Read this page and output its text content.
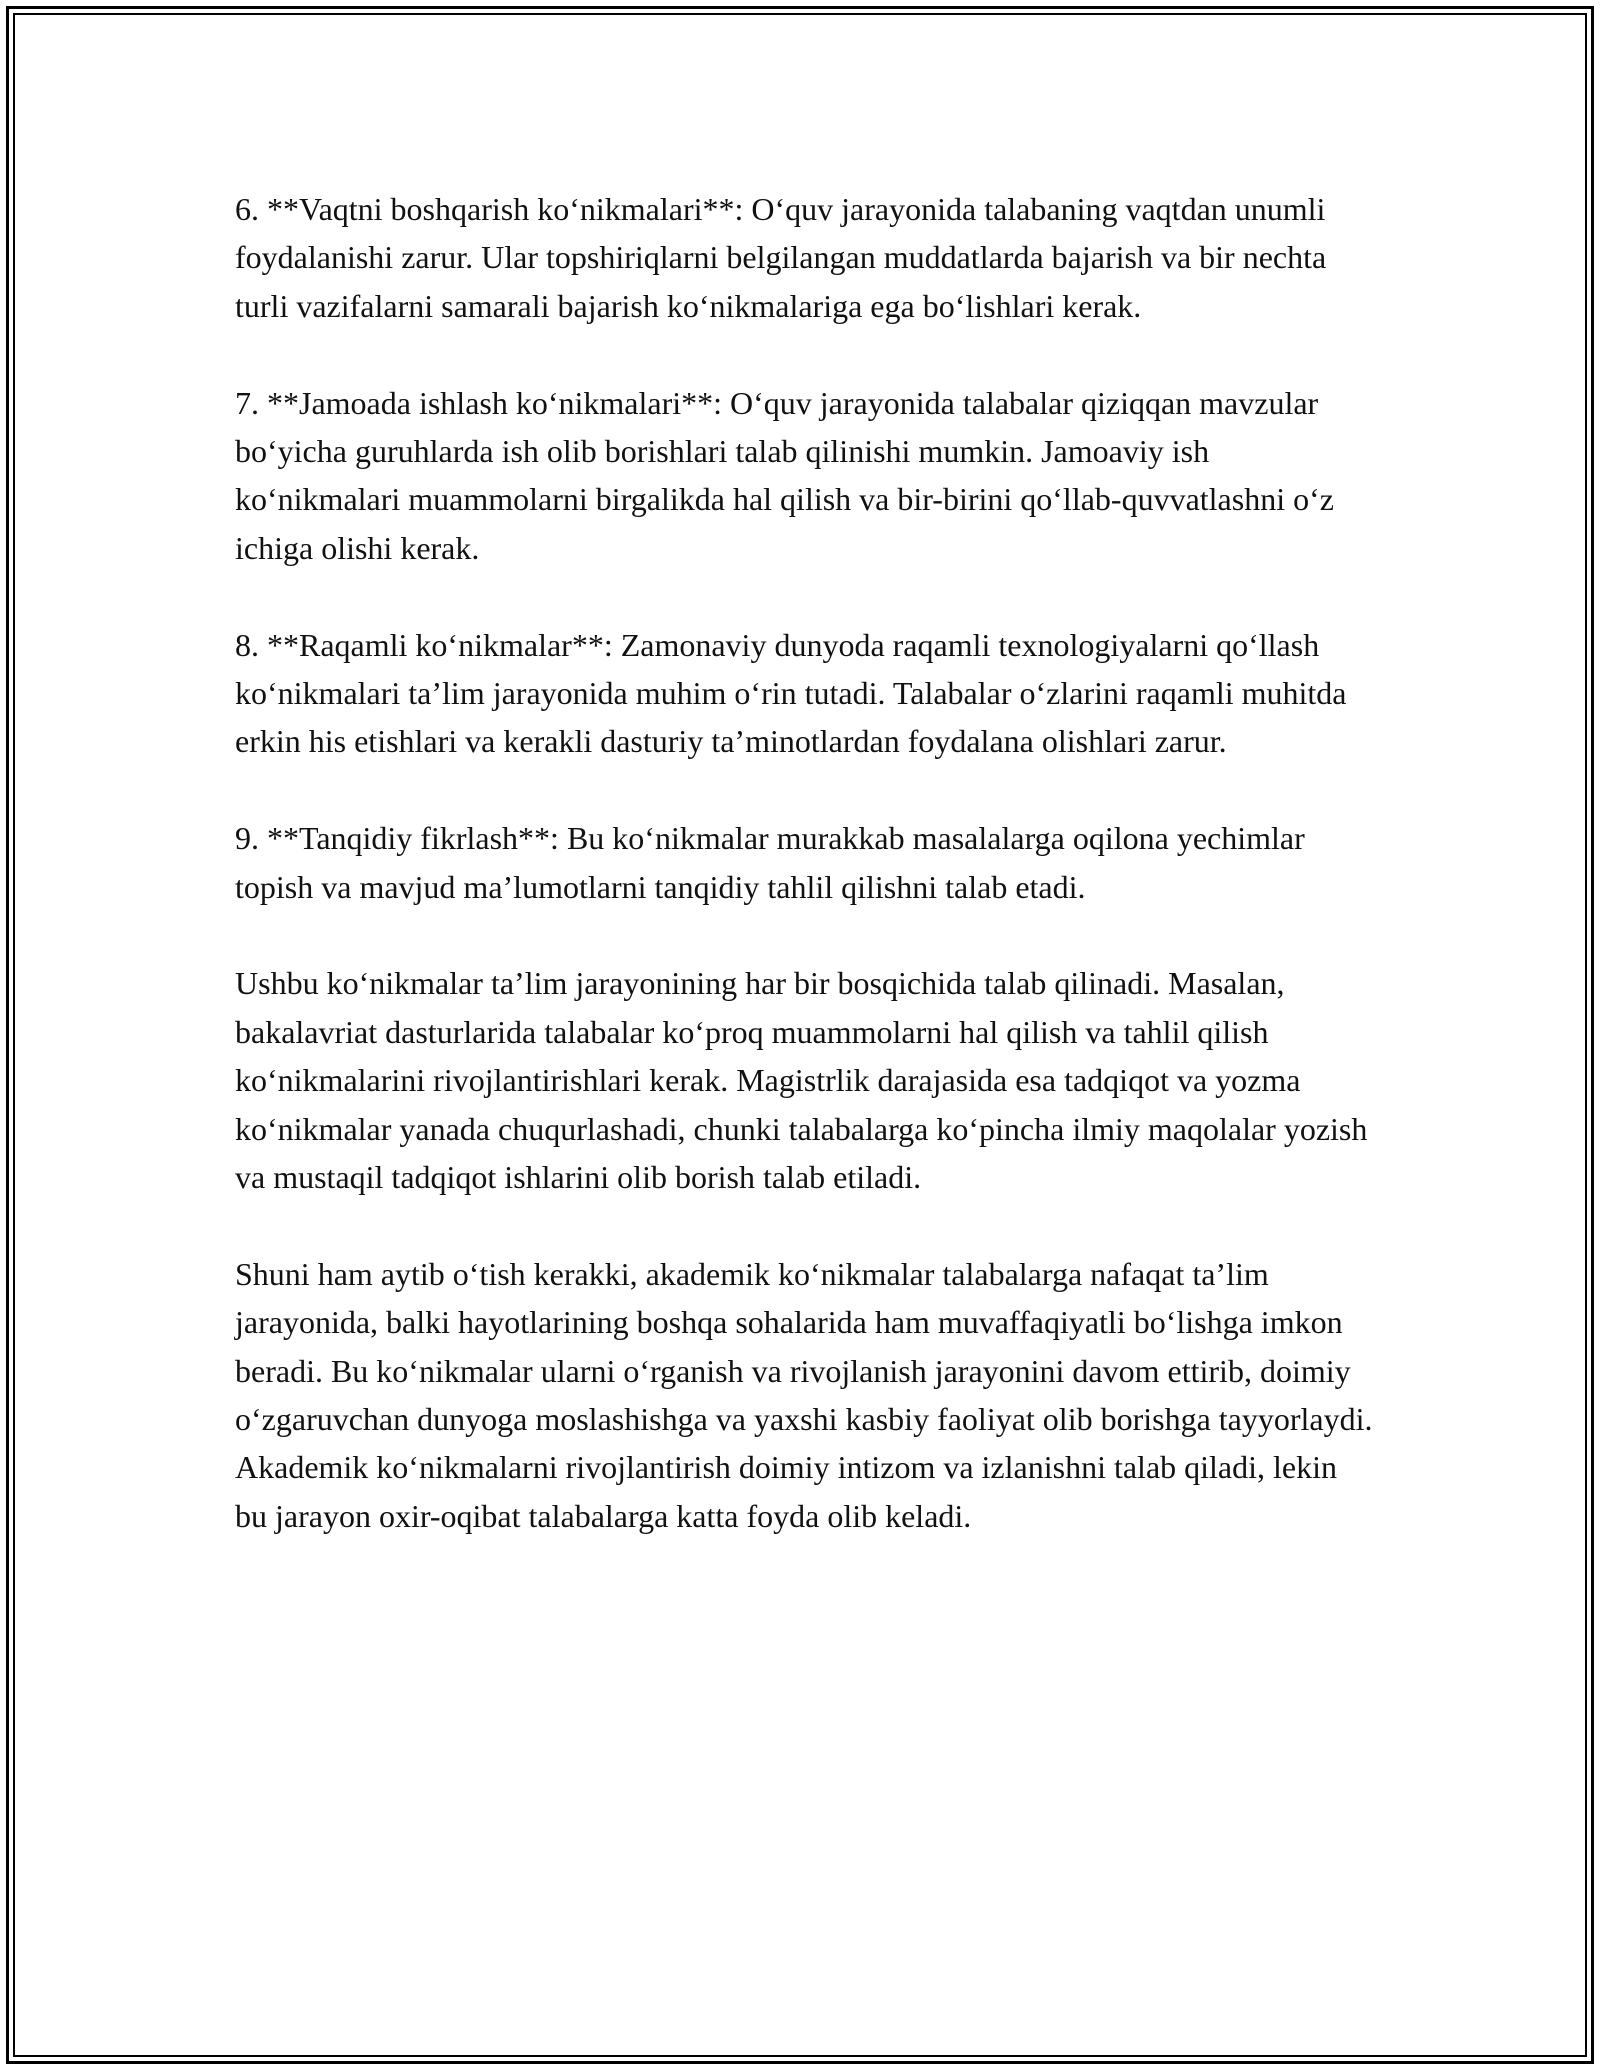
6. **Vaqtni boshqarish koʻnikmalari**: Oʻquv jarayonida talabaning vaqtdan unumli foydalanishi zarur. Ular topshiriqlarni belgilangan muddatlarda bajarish va bir nechta turli vazifalarni samarali bajarish koʻnikmalariga ega boʻlishlari kerak.

7. **Jamoada ishlash koʻnikmalari**: Oʻquv jarayonida talabalar qiziqqan mavzular boʻyicha guruhlarda ish olib borishlari talab qilinishi mumkin. Jamoaviy ish koʻnikmalari muammolarni birgalikda hal qilish va bir-birini qoʻllab-quvvatlashni oʻz ichiga olishi kerak.

8. **Raqamli koʻnikmalar**: Zamonaviy dunyoda raqamli texnologiyalarni qoʻllash koʻnikmalari ta’lim jarayonida muhim oʻrin tutadi. Talabalar oʻzlarini raqamli muhitda erkin his etishlari va kerakli dasturiy ta’minotlardan foydalana olishlari zarur.

9. **Tanqidiy fikrlash**: Bu koʻnikmalar murakkab masalalarga oqilona yechimlar topish va mavjud ma’lumotlarni tanqidiy tahlil qilishni talab etadi.

Ushbu koʻnikmalar ta’lim jarayonining har bir bosqichida talab qilinadi. Masalan, bakalavriat dasturlarida talabalar koʻproq muammolarni hal qilish va tahlil qilish koʻnikmalarini rivojlantirishlari kerak. Magistrlik darajasida esa tadqiqot va yozma koʻnikmalar yanada chuqurlashadi, chunki talabalarga koʻpincha ilmiy maqolalar yozish va mustaqil tadqiqot ishlarini olib borish talab etiladi.

Shuni ham aytib oʻtish kerakki, akademik koʻnikmalar talabalarga nafaqat ta’lim jarayonida, balki hayotlarining boshqa sohalarida ham muvaffaqiyatli boʻlishga imkon beradi. Bu koʻnikmalar ularni oʻrganish va rivojlanish jarayonini davom ettirib, doimiy oʻzgaruvchan dunyoga moslashishga va yaxshi kasbiy faoliyat olib borishga tayyorlaydi. Akademik koʻnikmalarni rivojlantirish doimiy intizom va izlanishni talab qiladi, lekin bu jarayon oxir-oqibat talabalarga katta foyda olib keladi.
